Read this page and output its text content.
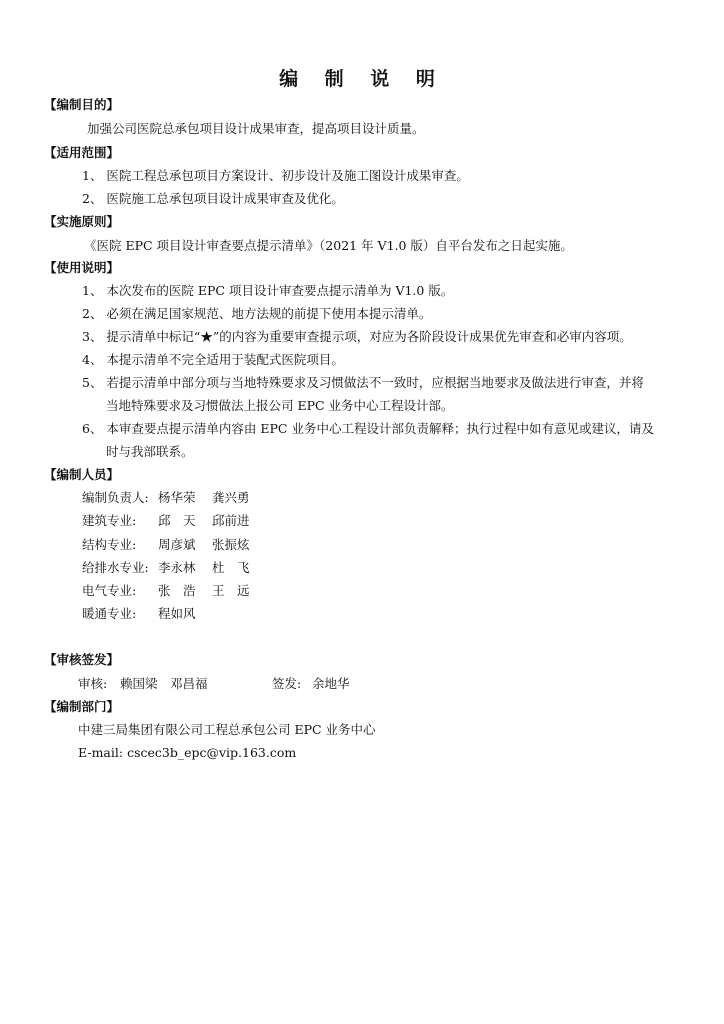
编 制 说 明
【编制目的】
加强公司医院总承包项目设计成果审查，提高项目设计质量。
【适用范围】
1、 医院工程总承包项目方案设计、初步设计及施工图设计成果审查。
2、 医院施工总承包项目设计成果审查及优化。
【实施原则】
《医院 EPC 项目设计审查要点提示清单》（2021 年 V1.0 版）自平台发布之日起实施。
【使用说明】
1、 本次发布的医院 EPC 项目设计审查要点提示清单为 V1.0 版。
2、 必须在满足国家规范、地方法规的前提下使用本提示清单。
3、 提示清单中标记“★”的内容为重要审查提示项，对应为各阶段设计成果优先审查和必审内容项。
4、 本提示清单不完全适用于装配式医院项目。
5、 若提示清单中部分项与当地特殊要求及习惯做法不一致时，应根据当地要求及做法进行审查，并将
当地特殊要求及习惯做法上报公司 EPC 业务中心工程设计部。
6、 本审查要点提示清单内容由 EPC 业务中心工程设计部负责解释；执行过程中如有意见或建议，请及
时与我部联系。
【编制人员】
编制负责人: 杨华荣 龚兴勇
建筑专业: 邱　天 邱前进
结构专业: 周彦斌 张振炫
给排水专业: 李永林 杜　飞
电气专业: 张　浩 王　远
暖通专业: 程如风
【审核签发】
审核: 赖国梁 邓昌福	签发: 余地华
【编制部门】
中建三局集团有限公司工程总承包公司 EPC 业务中心
E-mail: cscec3b_epc@vip.163.com
